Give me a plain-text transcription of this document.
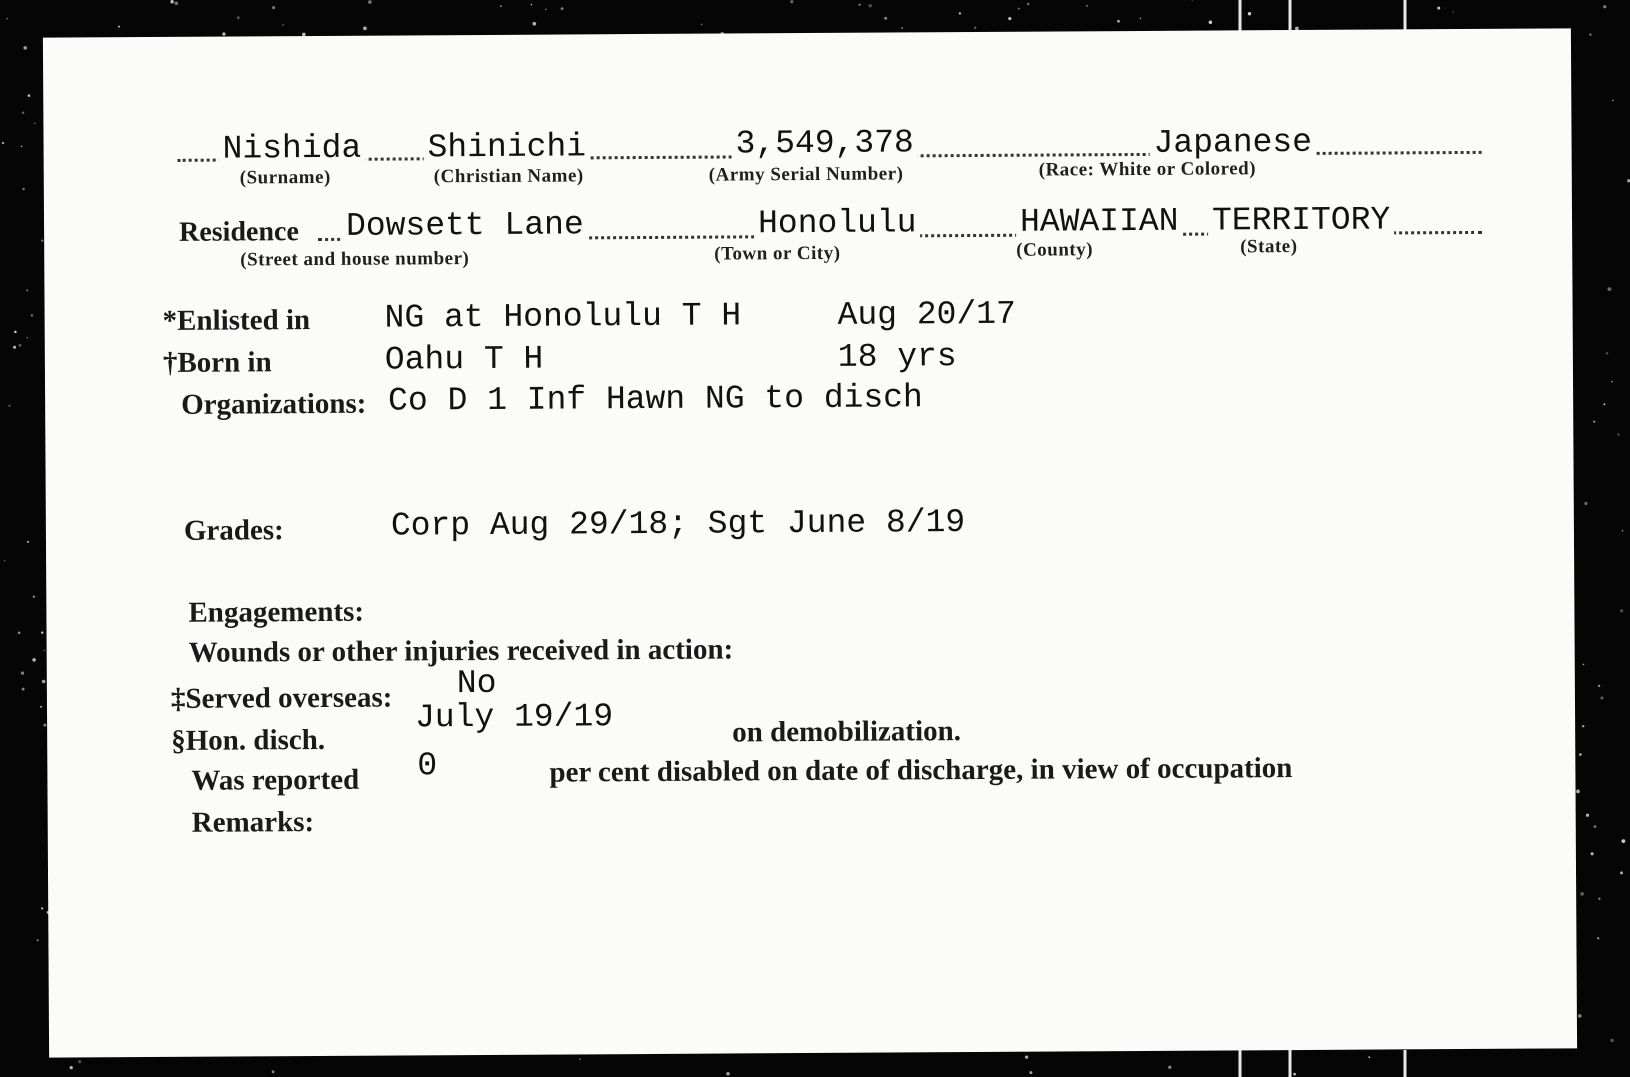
Nishida Shinichi	3,549,378	Japanese
(Surname)	(Christian Name)	(Army Serial Number)	(Race: White or Colored)
Residence Dowsett Lane	Honolulu	HAWAIIAN TERRITORY
(Street and house number)	(Town or City)	(County)	(State)
*Enlisted in NG at Honolulu T H	Aug 20/17
†Born in	Oahu T H	18 yrs
Organizations: Co D 1 Inf Hawn NG to disch
Grades:	Corp Aug 29/18; Sgt June 8/19
Engagements:
Wounds or other injuries received in action:
‡Served overseas: No
§Hon. disch.
July 19/19	on demobilization.
Was reported 0	per cent disabled on date of discharge, in view of occupation
Remarks:
